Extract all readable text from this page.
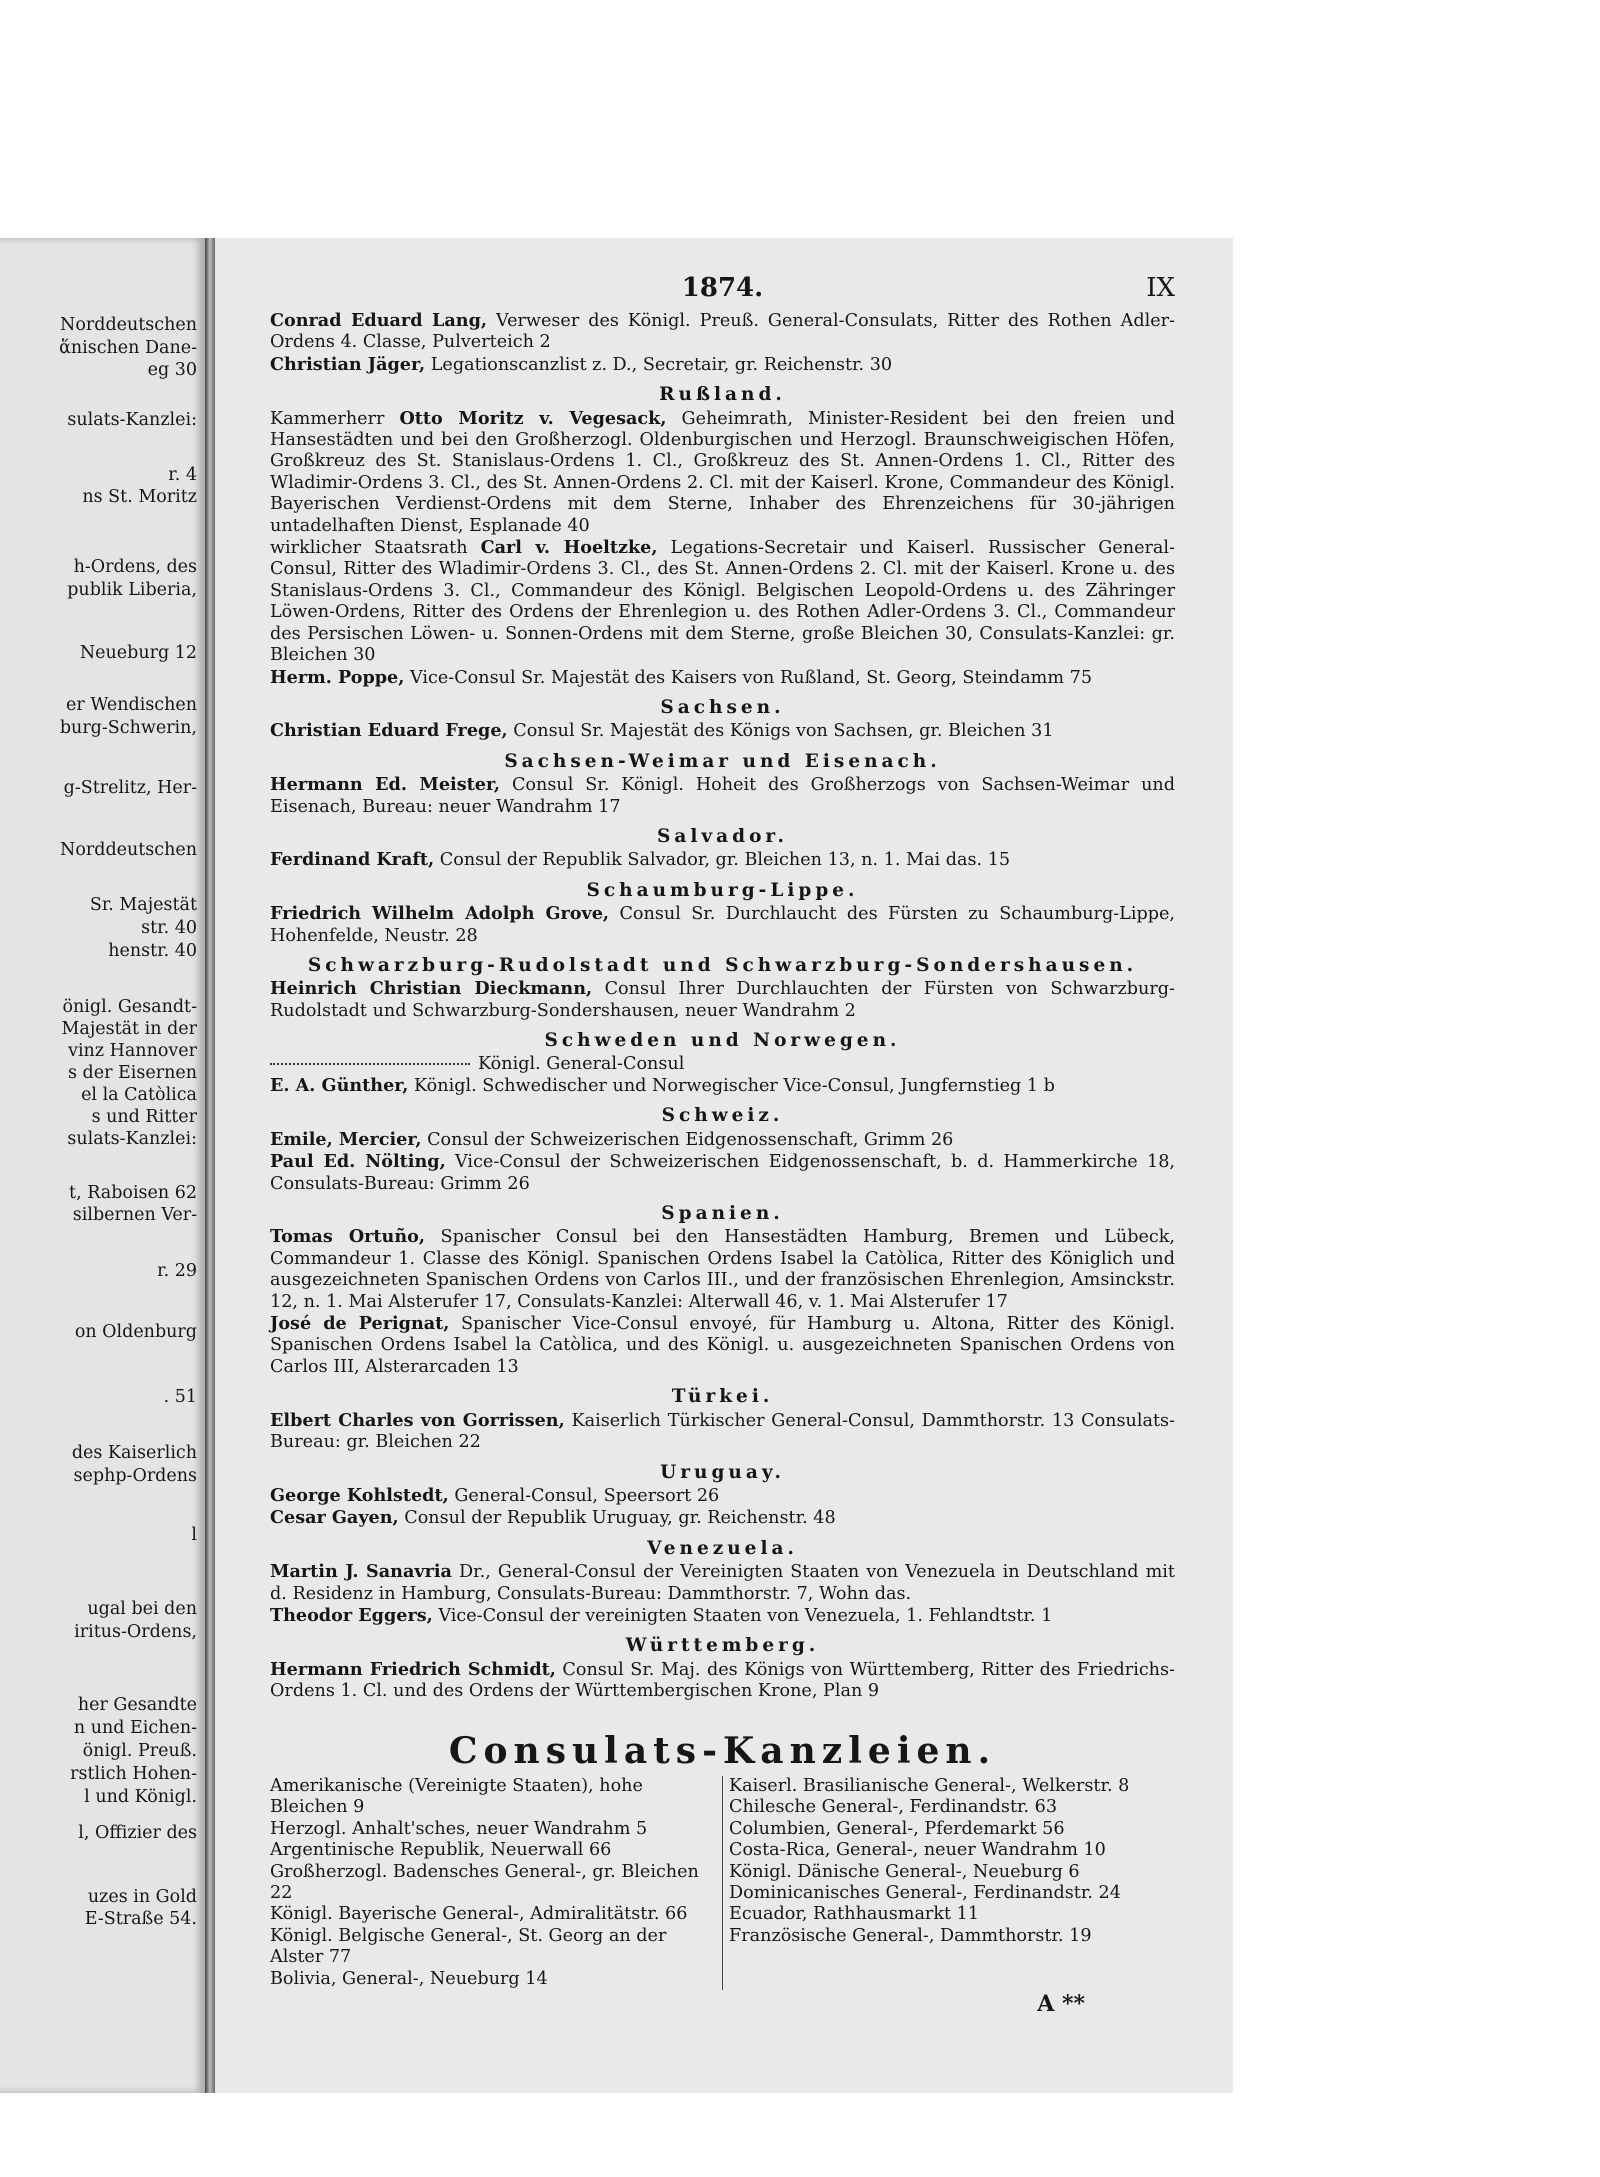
Norddeutschen
ἅnischen Dane-
eg 30
sulats-Kanzlei:
r. 4
ns St. Moritz
h-Ordens, des
publik Liberia,
Neueburg 12
er Wendischen
burg-Schwerin,
g-Strelitz, Her-
Norddeutschen
Sr. Majestät
str. 40
henstr. 40
önigl. Gesandt-
Majestät in der
vinz Hannover
s der Eisernen
el la Catòlica
s und Ritter
sulats-Kanzlei:
t, Raboisen 62
silbernen Ver-
r. 29
on Oldenburg
. 51
des Kaiserlich
sephp-Ordens
l
ugal bei den
iritus-Ordens,
her Gesandte
n und Eichen-
önigl. Preuß.
rstlich Hohen-
l und Königl.
l, Offizier des
uzes in Gold
E-Straße 54.
1874.	IX

Conrad Eduard Lang, Verweser des Königl. Preuß. General-Consulats, Ritter des Rothen Adler-Ordens 4. Classe, Pulverteich 2

Christian Jäger, Legationscanzlist z. D., Secretair, gr. Reichenstr. 30

Rußland.

Kammerherr Otto Moritz v. Vegesack, Geheimrath, Minister-Resident bei den freien und Hansestädten und bei den Großherzogl. Oldenburgischen und Herzogl. Braunschweigischen Höfen, Großkreuz des St. Stanislaus-Ordens 1. Cl., Großkreuz des St. Annen-Ordens 1. Cl., Ritter des Wladimir-Ordens 3. Cl., des St. Annen-Ordens 2. Cl. mit der Kaiserl. Krone, Commandeur des Königl. Bayerischen Verdienst-Ordens mit dem Sterne, Inhaber des Ehrenzeichens für 30-jährigen untadelhaften Dienst, Esplanade 40

wirklicher Staatsrath Carl v. Hoeltzke, Legations-Secretair und Kaiserl. Russischer General-Consul, Ritter des Wladimir-Ordens 3. Cl., des St. Annen-Ordens 2. Cl. mit der Kaiserl. Krone u. des Stanislaus-Ordens 3. Cl., Commandeur des Königl. Belgischen Leopold-Ordens u. des Zähringer Löwen-Ordens, Ritter des Ordens der Ehrenlegion u. des Rothen Adler-Ordens 3. Cl., Commandeur des Persischen Löwen- u. Sonnen-Ordens mit dem Sterne, große Bleichen 30, Consulats-Kanzlei: gr. Bleichen 30

Herm. Poppe, Vice-Consul Sr. Majestät des Kaisers von Rußland, St. Georg, Steindamm 75

Sachsen.

Christian Eduard Frege, Consul Sr. Majestät des Königs von Sachsen, gr. Bleichen 31

Sachsen-Weimar und Eisenach.

Hermann Ed. Meister, Consul Sr. Königl. Hoheit des Großherzogs von Sachsen-Weimar und Eisenach, Bureau: neuer Wandrahm 17

Salvador.

Ferdinand Kraft, Consul der Republik Salvador, gr. Bleichen 13, n. 1. Mai das. 15

Schaumburg-Lippe.

Friedrich Wilhelm Adolph Grove, Consul Sr. Durchlaucht des Fürsten zu Schaumburg-Lippe, Hohenfelde, Neustr. 28

Schwarzburg-Rudolstadt und Schwarzburg-Sondershausen.

Heinrich Christian Dieckmann, Consul Ihrer Durchlauchten der Fürsten von Schwarzburg-Rudolstadt und Schwarzburg-Sondershausen, neuer Wandrahm 2

Schweden und Norwegen.

Königl. General-Consul

E. A. Günther, Königl. Schwedischer und Norwegischer Vice-Consul, Jungfernstieg 1 b

Schweiz.

Emile, Mercier, Consul der Schweizerischen Eidgenossenschaft, Grimm 26

Paul Ed. Nölting, Vice-Consul der Schweizerischen Eidgenossenschaft, b. d. Hammerkirche 18, Consulats-Bureau: Grimm 26

Spanien.

Tomas Ortuño, Spanischer Consul bei den Hansestädten Hamburg, Bremen und Lübeck, Commandeur 1. Classe des Königl. Spanischen Ordens Isabel la Catòlica, Ritter des Königlich und ausgezeichneten Spanischen Ordens von Carlos III., und der französischen Ehrenlegion, Amsinckstr. 12, n. 1. Mai Alsterufer 17, Consulats-Kanzlei: Alterwall 46, v. 1. Mai Alsterufer 17

José de Perignat, Spanischer Vice-Consul envoyé, für Hamburg u. Altona, Ritter des Königl. Spanischen Ordens Isabel la Catòlica, und des Königl. u. ausgezeichneten Spanischen Ordens von Carlos III, Alsterarcaden 13

Türkei.

Elbert Charles von Gorrissen, Kaiserlich Türkischer General-Consul, Dammthorstr. 13 Consulats-Bureau: gr. Bleichen 22

Uruguay.

George Kohlstedt, General-Consul, Speersort 26

Cesar Gayen, Consul der Republik Uruguay, gr. Reichenstr. 48

Venezuela.

Martin J. Sanavria Dr., General-Consul der Vereinigten Staaten von Venezuela in Deutschland mit d. Residenz in Hamburg, Consulats-Bureau: Dammthorstr. 7, Wohn das.

Theodor Eggers, Vice-Consul der vereinigten Staaten von Venezuela, 1. Fehlandtstr. 1

Württemberg.

Hermann Friedrich Schmidt, Consul Sr. Maj. des Königs von Württemberg, Ritter des Friedrichs-Ordens 1. Cl. und des Ordens der Württembergischen Krone, Plan 9

Consulats-Kanzleien.
Amerikanische (Vereinigte Staaten), hohe Bleichen 9
Herzogl. Anhalt'sches, neuer Wandrahm 5
Argentinische Republik, Neuerwall 66
Großherzogl. Badensches General-, gr. Bleichen 22
Königl. Bayerische General-, Admiralitätstr. 66
Königl. Belgische General-, St. Georg an der Alster 77
Bolivia, General-, Neueburg 14
Kaiserl. Brasilianische General-, Welkerstr. 8
Chilesche General-, Ferdinandstr. 63
Columbien, General-, Pferdemarkt 56
Costa-Rica, General-, neuer Wandrahm 10
Königl. Dänische General-, Neueburg 6
Dominicanisches General-, Ferdinandstr. 24
Ecuador, Rathhausmarkt 11
Französische General-, Dammthorstr. 19
A **
